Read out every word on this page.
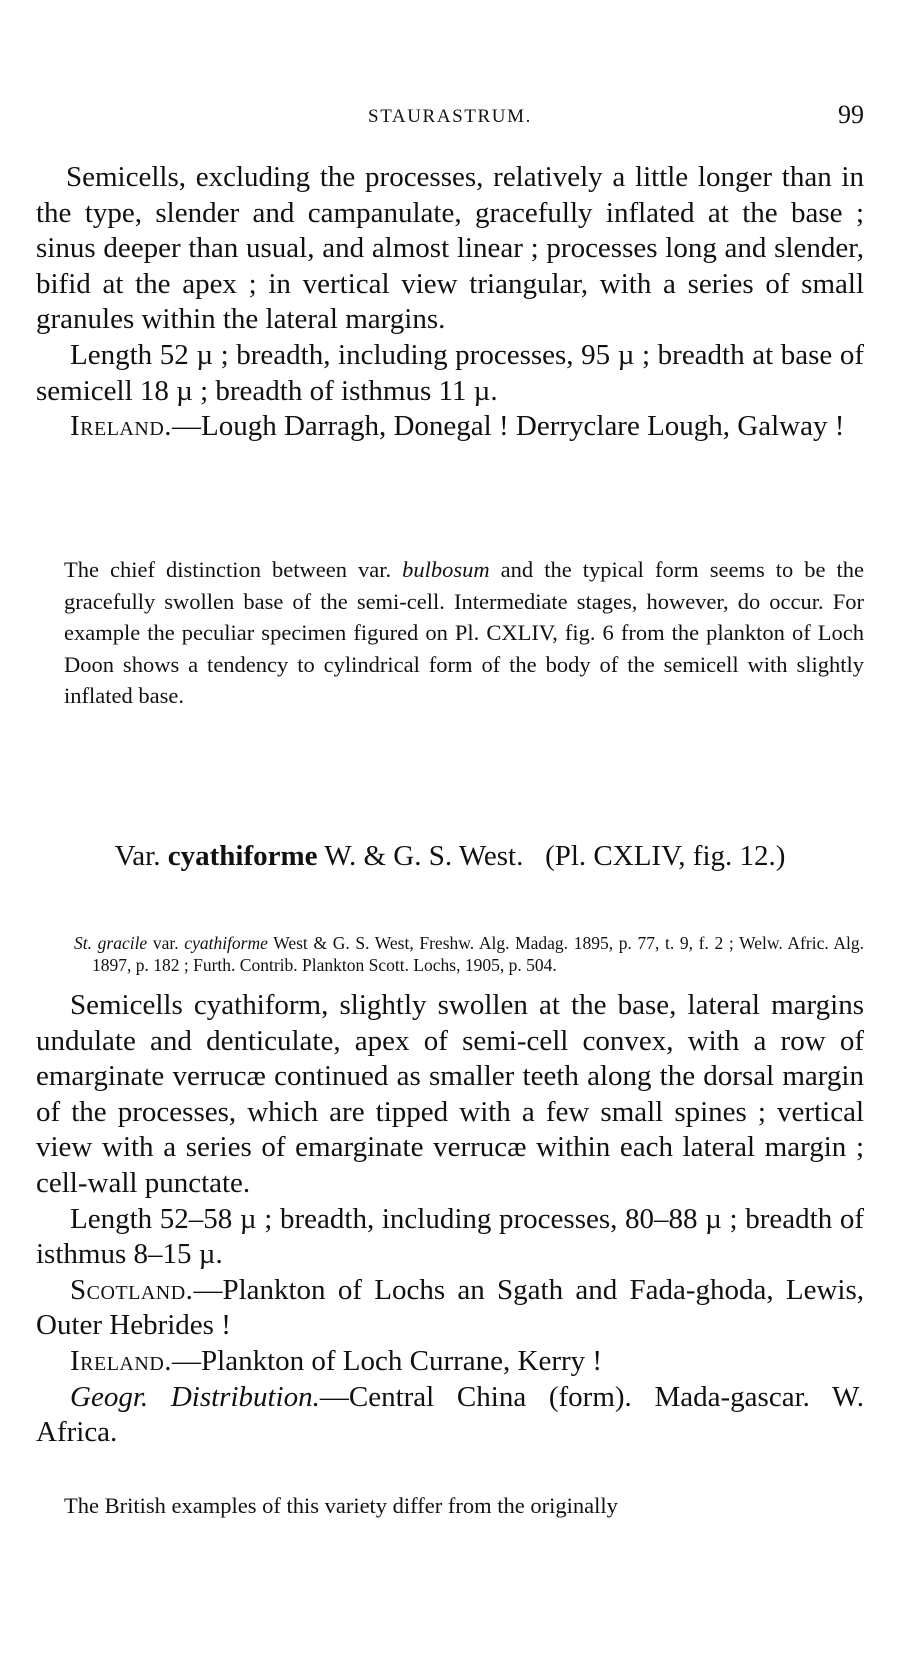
STAURASTRUM.	99

Semicells, excluding the processes, relatively a little longer than in the type, slender and campanulate, gracefully inflated at the base ; sinus deeper than usual, and almost linear ; processes long and slender, bifid at the apex ; in vertical view triangular, with a series of small granules within the lateral margins.

Length 52 µ ; breadth, including processes, 95 µ ; breadth at base of semicell 18 µ ; breadth of isthmus 11 µ.

Ireland.—Lough Darragh, Donegal ! Derryclare Lough, Galway !

The chief distinction between var. bulbosum and the typical form seems to be the gracefully swollen base of the semi-cell. Intermediate stages, however, do occur. For example the peculiar specimen figured on Pl. CXLIV, fig. 6 from the plankton of Loch Doon shows a tendency to cylindrical form of the body of the semicell with slightly inflated base.

Var. cyathiforme W. & G. S. West. (Pl. CXLIV, fig. 12.)

St. gracile var. cyathiforme West & G. S. West, Freshw. Alg. Madag. 1895, p. 77, t. 9, f. 2 ; Welw. Afric. Alg. 1897, p. 182 ; Furth. Contrib. Plankton Scott. Lochs, 1905, p. 504.

Semicells cyathiform, slightly swollen at the base, lateral margins undulate and denticulate, apex of semi-cell convex, with a row of emarginate verrucæ continued as smaller teeth along the dorsal margin of the processes, which are tipped with a few small spines ; vertical view with a series of emarginate verrucæ within each lateral margin ; cell-wall punctate.

Length 52–58 µ ; breadth, including processes, 80–88 µ ; breadth of isthmus 8–15 µ.

Scotland.—Plankton of Lochs an Sgath and Fada-ghoda, Lewis, Outer Hebrides !

Ireland.—Plankton of Loch Currane, Kerry !

Geogr. Distribution.—Central China (form). Mada-gascar. W. Africa.

The British examples of this variety differ from the originally
